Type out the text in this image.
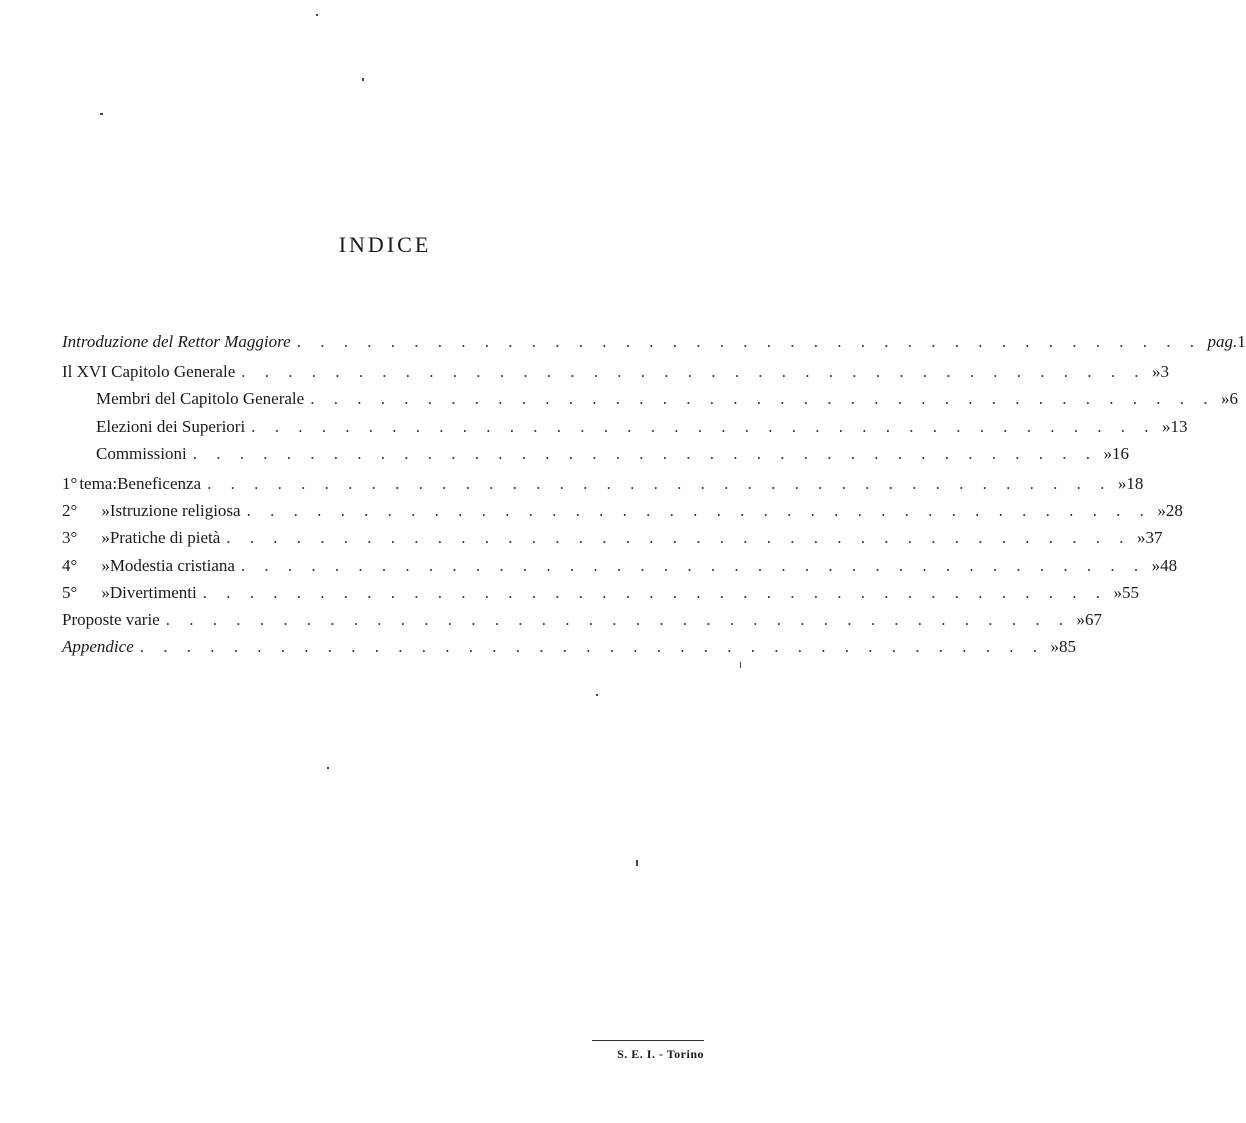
INDICE
Introduzione del Rettor Maggiore . . . . . . . . . . . . . . . . . . . . . . . . . . . . . . . . . . . . . . . pag. 1
Il XVI Capitolo Generale . . . . . . . . . . . . . . . . . . . . . . . . . . . . . . . . . . . . . . . » 3
Membri del Capitolo Generale . . . . . . . . . . . . . . . . . . . . . . . . . . . . . . . . . . . . . . . » 6
Elezioni dei Superiori . . . . . . . . . . . . . . . . . . . . . . . . . . . . . . . . . . . . . . . » 13
Commissioni . . . . . . . . . . . . . . . . . . . . . . . . . . . . . . . . . . . . . . . » 16
1° tema: Beneficenza . . . . . . . . . . . . . . . . . . . . . . . . . . . . . . . . . . . . . . . » 18
2°	» Istruzione religiosa . . . . . . . . . . . . . . . . . . . . . . . . . . . . . . . . . . . . . . . » 28
3°	» Pratiche di pietà . . . . . . . . . . . . . . . . . . . . . . . . . . . . . . . . . . . . . . . » 37
4°	» Modestia cristiana . . . . . . . . . . . . . . . . . . . . . . . . . . . . . . . . . . . . . . . » 48
5°	» Divertimenti . . . . . . . . . . . . . . . . . . . . . . . . . . . . . . . . . . . . . . . » 55
Proposte varie . . . . . . . . . . . . . . . . . . . . . . . . . . . . . . . . . . . . . . . » 67
Appendice . . . . . . . . . . . . . . . . . . . . . . . . . . . . . . . . . . . . . . . » 85
S. E. I. - Torino
